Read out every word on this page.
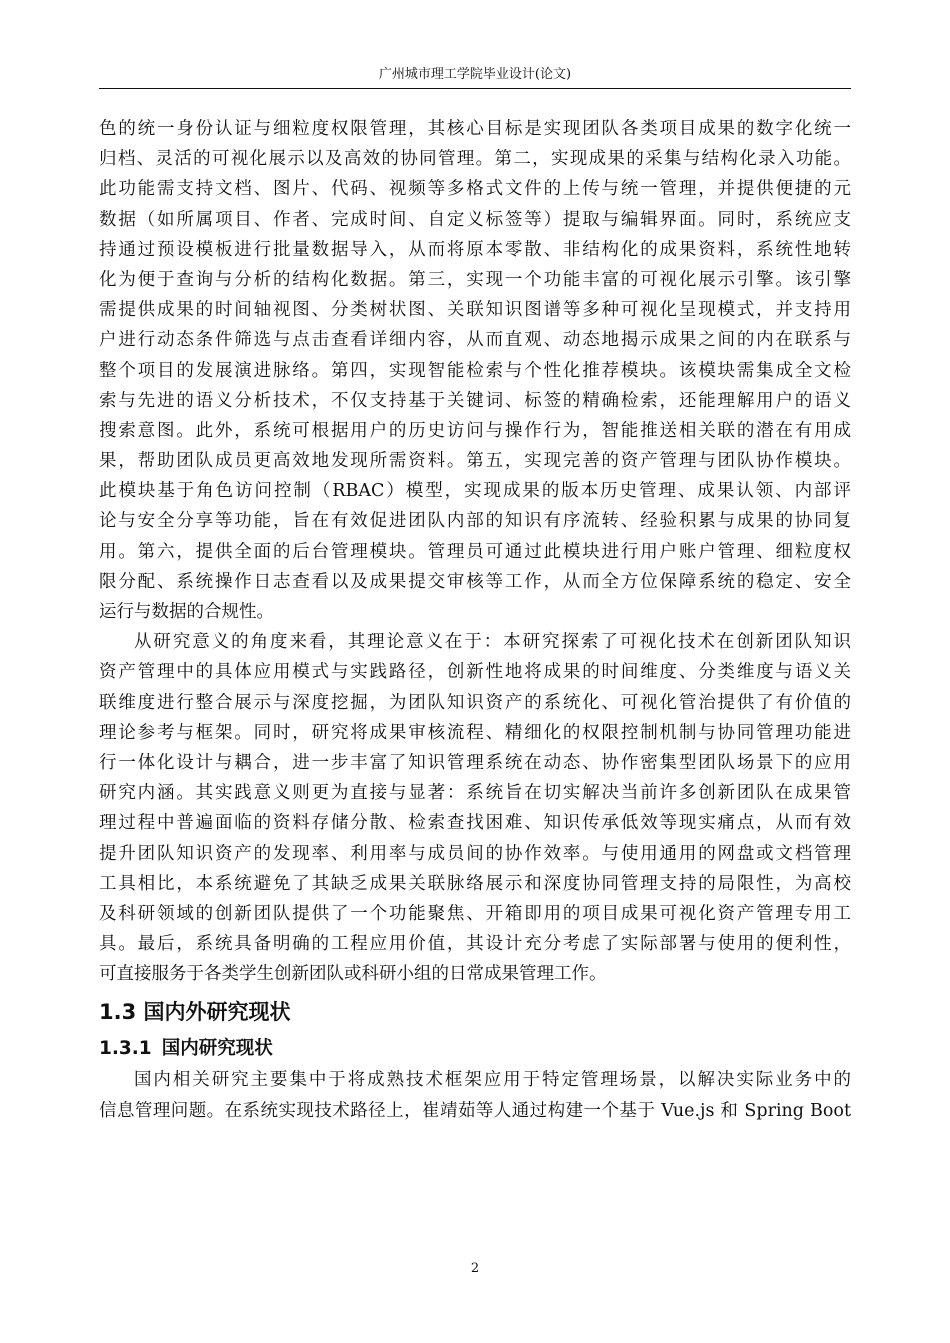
广州城市理工学院毕业设计(论文)
色的统一身份认证与细粒度权限管理，其核心目标是实现团队各类项目成果的数字化统一
归档、灵活的可视化展示以及高效的协同管理。第二，实现成果的采集与结构化录入功能。
此功能需支持文档、图片、代码、视频等多格式文件的上传与统一管理，并提供便捷的元
数据（如所属项目、作者、完成时间、自定义标签等）提取与编辑界面。同时，系统应支
持通过预设模板进行批量数据导入，从而将原本零散、非结构化的成果资料，系统性地转
化为便于查询与分析的结构化数据。第三，实现一个功能丰富的可视化展示引擎。该引擎
需提供成果的时间轴视图、分类树状图、关联知识图谱等多种可视化呈现模式，并支持用
户进行动态条件筛选与点击查看详细内容，从而直观、动态地揭示成果之间的内在联系与
整个项目的发展演进脉络。第四，实现智能检索与个性化推荐模块。该模块需集成全文检
索与先进的语义分析技术，不仅支持基于关键词、标签的精确检索，还能理解用户的语义
搜索意图。此外，系统可根据用户的历史访问与操作行为，智能推送相关联的潜在有用成
果，帮助团队成员更高效地发现所需资料。第五，实现完善的资产管理与团队协作模块。
此模块基于角色访问控制（RBAC）模型，实现成果的版本历史管理、成果认领、内部评
论与安全分享等功能，旨在有效促进团队内部的知识有序流转、经验积累与成果的协同复
用。第六，提供全面的后台管理模块。管理员可通过此模块进行用户账户管理、细粒度权
限分配、系统操作日志查看以及成果提交审核等工作，从而全方位保障系统的稳定、安全
运行与数据的合规性。
从研究意义的角度来看，其理论意义在于：本研究探索了可视化技术在创新团队知识
资产管理中的具体应用模式与实践路径，创新性地将成果的时间维度、分类维度与语义关
联维度进行整合展示与深度挖掘，为团队知识资产的系统化、可视化管治提供了有价值的
理论参考与框架。同时，研究将成果审核流程、精细化的权限控制机制与协同管理功能进
行一体化设计与耦合，进一步丰富了知识管理系统在动态、协作密集型团队场景下的应用
研究内涵。其实践意义则更为直接与显著：系统旨在切实解决当前许多创新团队在成果管
理过程中普遍面临的资料存储分散、检索查找困难、知识传承低效等现实痛点，从而有效
提升团队知识资产的发现率、利用率与成员间的协作效率。与使用通用的网盘或文档管理
工具相比，本系统避免了其缺乏成果关联脉络展示和深度协同管理支持的局限性，为高校
及科研领域的创新团队提供了一个功能聚焦、开箱即用的项目成果可视化资产管理专用工
具。最后，系统具备明确的工程应用价值，其设计充分考虑了实际部署与使用的便利性，
可直接服务于各类学生创新团队或科研小组的日常成果管理工作。
1.3 国内外研究现状
1.3.1 国内研究现状
国内相关研究主要集中于将成熟技术框架应用于特定管理场景，以解决实际业务中的
信息管理问题。在系统实现技术路径上，崔靖茹等人通过构建一个基于 Vue.js 和 Spring Boot
2
